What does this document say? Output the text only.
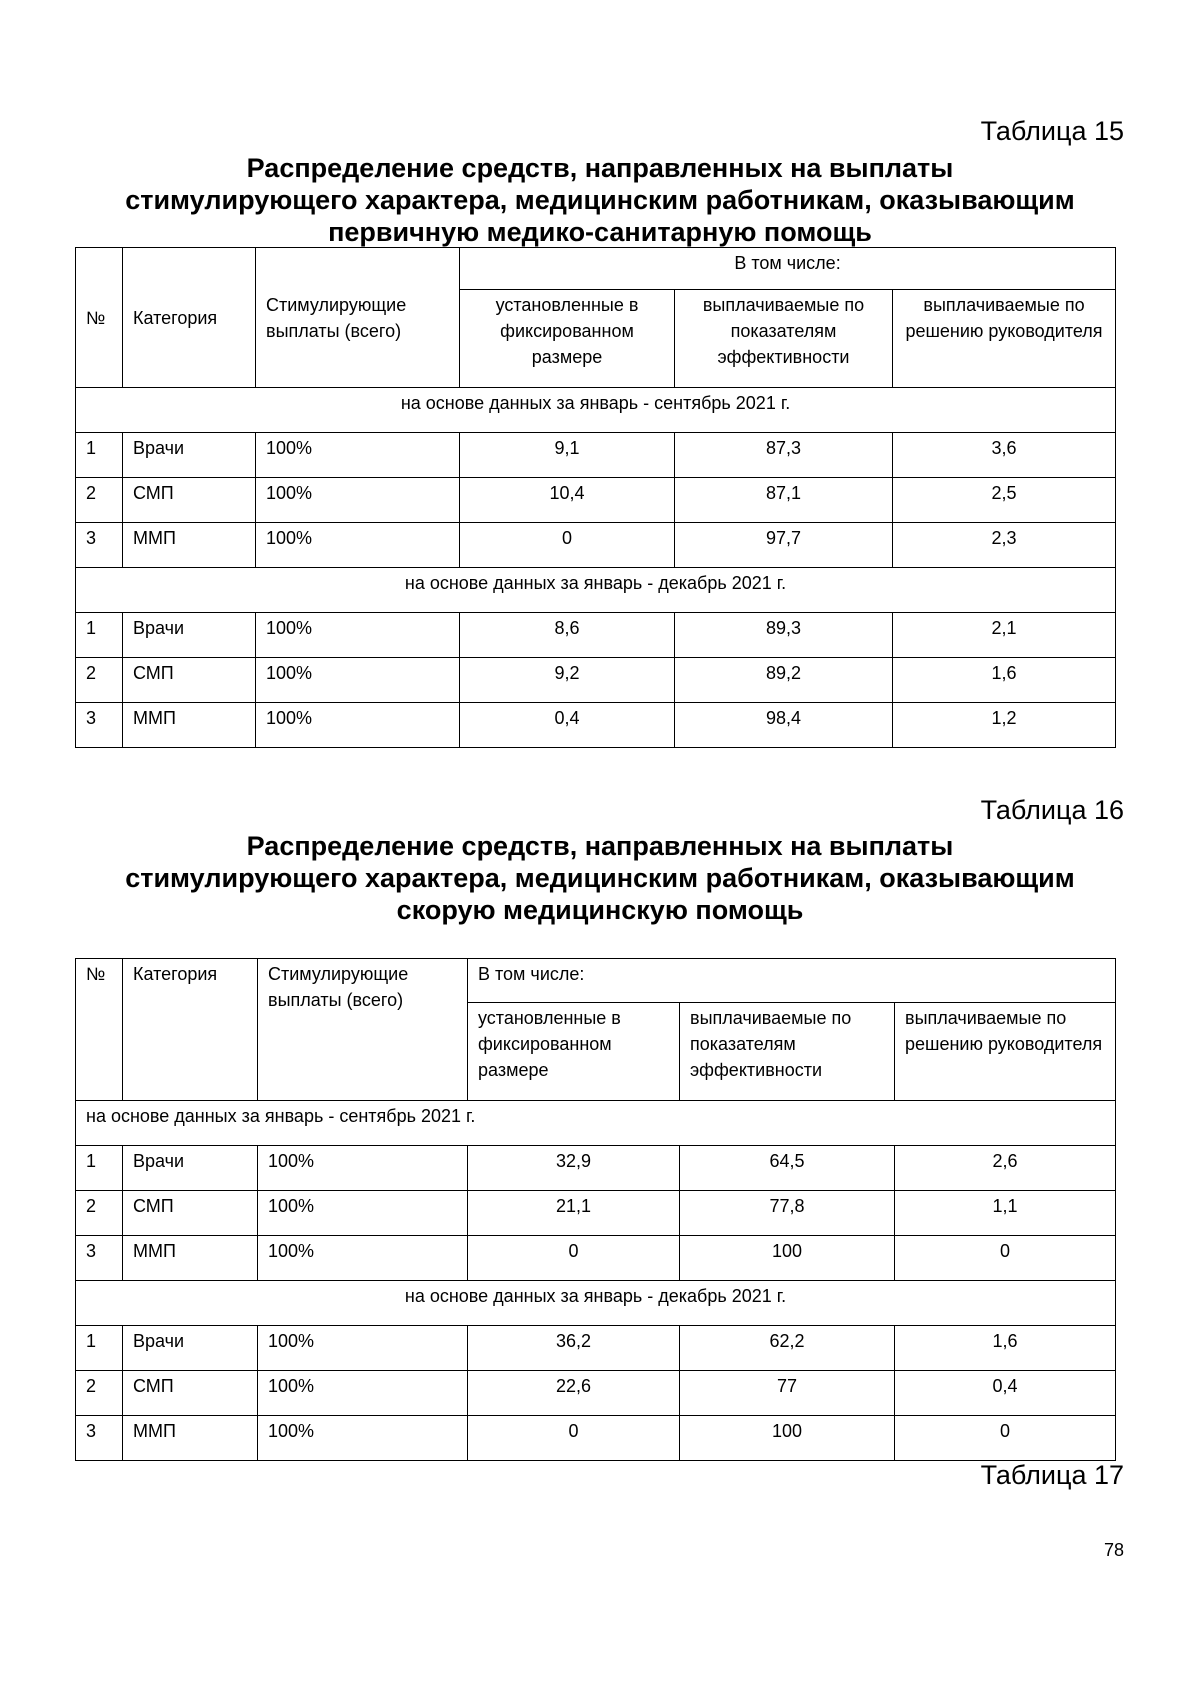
Таблица 15
Распределение средств, направленных на выплаты
стимулирующего характера, медицинским работникам, оказывающим
первичную медико-санитарную помощь
№	Категория	Стимулирующие выплаты (всего)	В том числе:		
			установленные в фиксированном размере	выплачиваемые по показателям эффективности	выплачиваемые по решению руководителя
на основе данных за январь - сентябрь 2021 г.					
1	Врачи	100%	9,1	87,3	3,6
2	СМП	100%	10,4	87,1	2,5
3	ММП	100%	0	97,7	2,3
на основе данных за январь - декабрь 2021 г.					
1	Врачи	100%	8,6	89,3	2,1
2	СМП	100%	9,2	89,2	1,6
3	ММП	100%	0,4	98,4	1,2
Таблица 16
Распределение средств, направленных на выплаты
стимулирующего характера, медицинским работникам, оказывающим
скорую медицинскую помощь
№	Категория	Стимулирующие выплаты (всего)	В том числе:		
			установленные в фиксированном размере	выплачиваемые по показателям эффективности	выплачиваемые по решению руководителя
на основе данных за январь - сентябрь 2021 г.					
1	Врачи	100%	32,9	64,5	2,6
2	СМП	100%	21,1	77,8	1,1
3	ММП	100%	0	100	0
на основе данных за январь - декабрь 2021 г.					
1	Врачи	100%	36,2	62,2	1,6
2	СМП	100%	22,6	77	0,4
3	ММП	100%	0	100	0
Таблица 17
78
